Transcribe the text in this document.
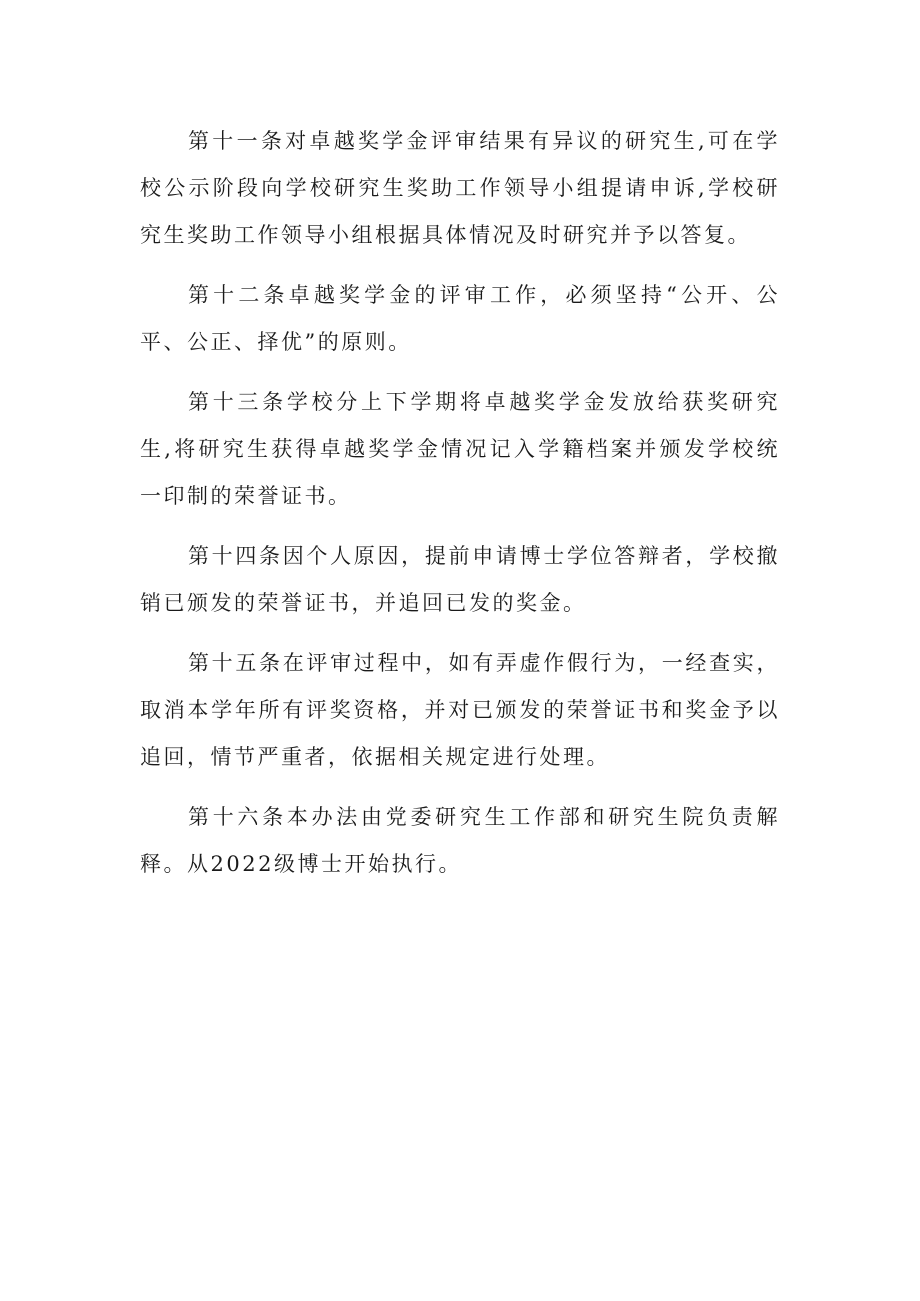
第十一条对卓越奖学金评审结果有异议的研究生,可在学校公示阶段向学校研究生奖助工作领导小组提请申诉,学校研究生奖助工作领导小组根据具体情况及时研究并予以答复。

第十二条卓越奖学金的评审工作，必须坚持“公开、公平、公正、择优”的原则。

第十三条学校分上下学期将卓越奖学金发放给获奖研究生,将研究生获得卓越奖学金情况记入学籍档案并颁发学校统一印制的荣誉证书。

第十四条因个人原因，提前申请博士学位答辩者，学校撤销已颁发的荣誉证书，并追回已发的奖金。

第十五条在评审过程中，如有弄虚作假行为，一经查实，取消本学年所有评奖资格，并对已颁发的荣誉证书和奖金予以追回，情节严重者，依据相关规定进行处理。

第十六条本办法由党委研究生工作部和研究生院负责解释。从2022级博士开始执行。
